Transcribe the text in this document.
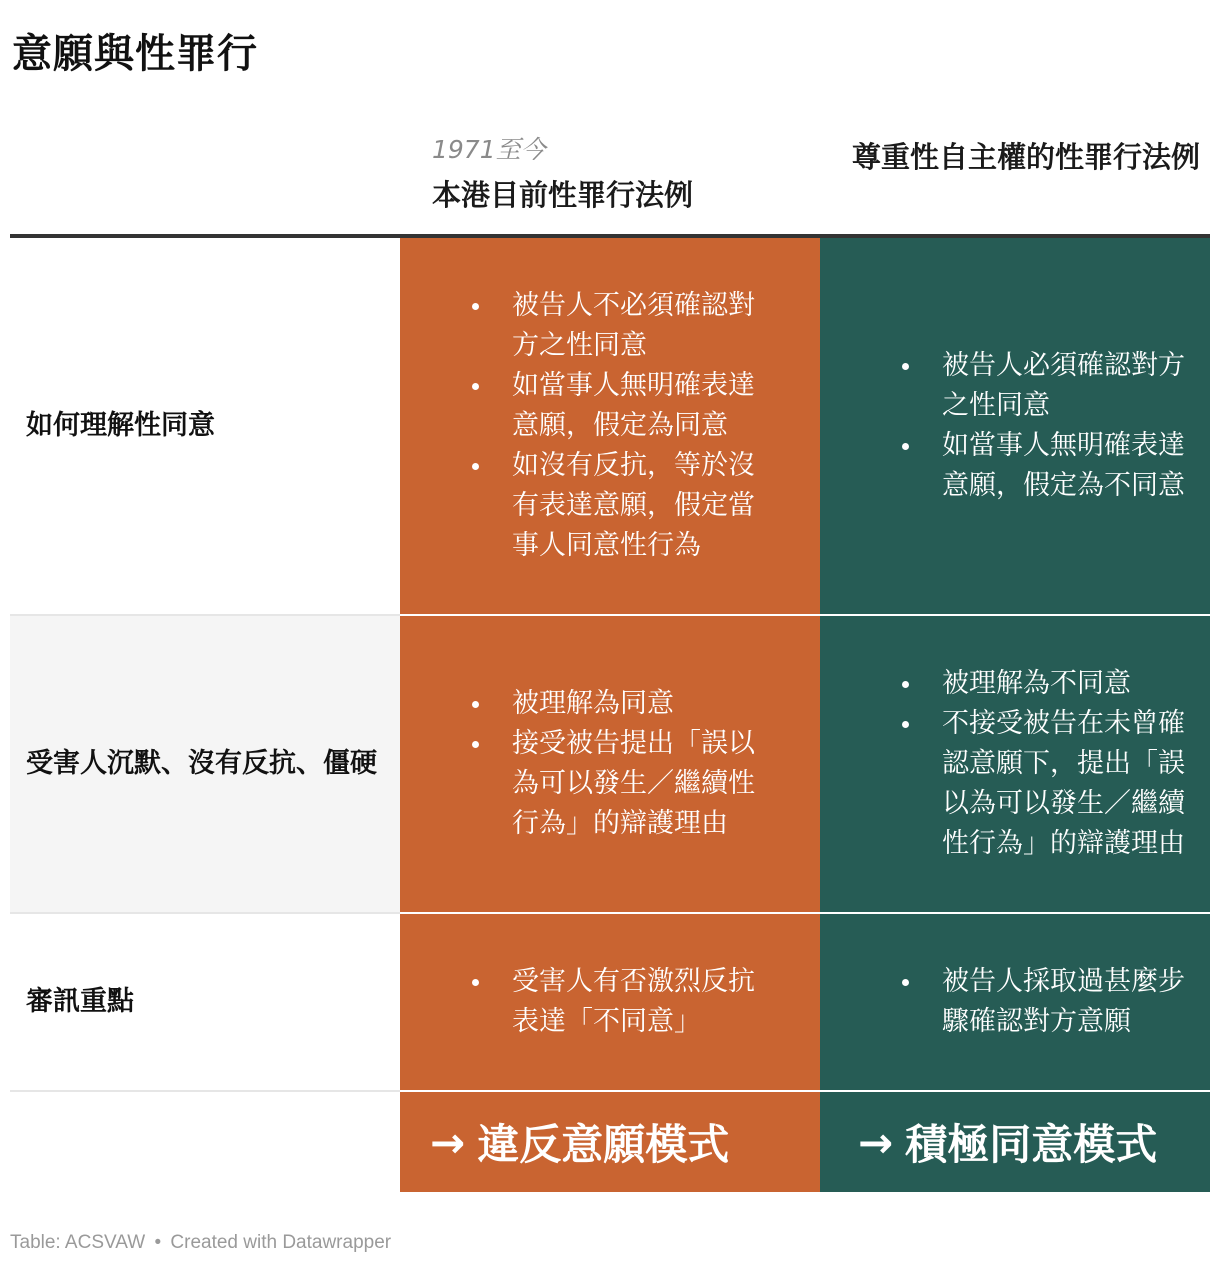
意願與性罪行
1971至今
本港目前性罪行法例
尊重性自主權的性罪行法例
如何理解性同意
被告人不必須確認對方之性同意
如當事人無明確表達意願，假定為同意
如沒有反抗，等於沒有表達意願，假定當事人同意性行為
被告人必須確認對方之性同意
如當事人無明確表達意願，假定為不同意
受害人沉默、沒有反抗、僵硬
被理解為同意
接受被告提出「誤以為可以發生／繼續性行為」的辯護理由
被理解為不同意
不接受被告在未曾確認意願下，提出「誤以為可以發生／繼續性行為」的辯護理由
審訊重點
受害人有否激烈反抗表達「不同意」
被告人採取過甚麼步驟確認對方意願
→ 違反意願模式	→ 積極同意模式
Table: ACSVAW • Created with Datawrapper
